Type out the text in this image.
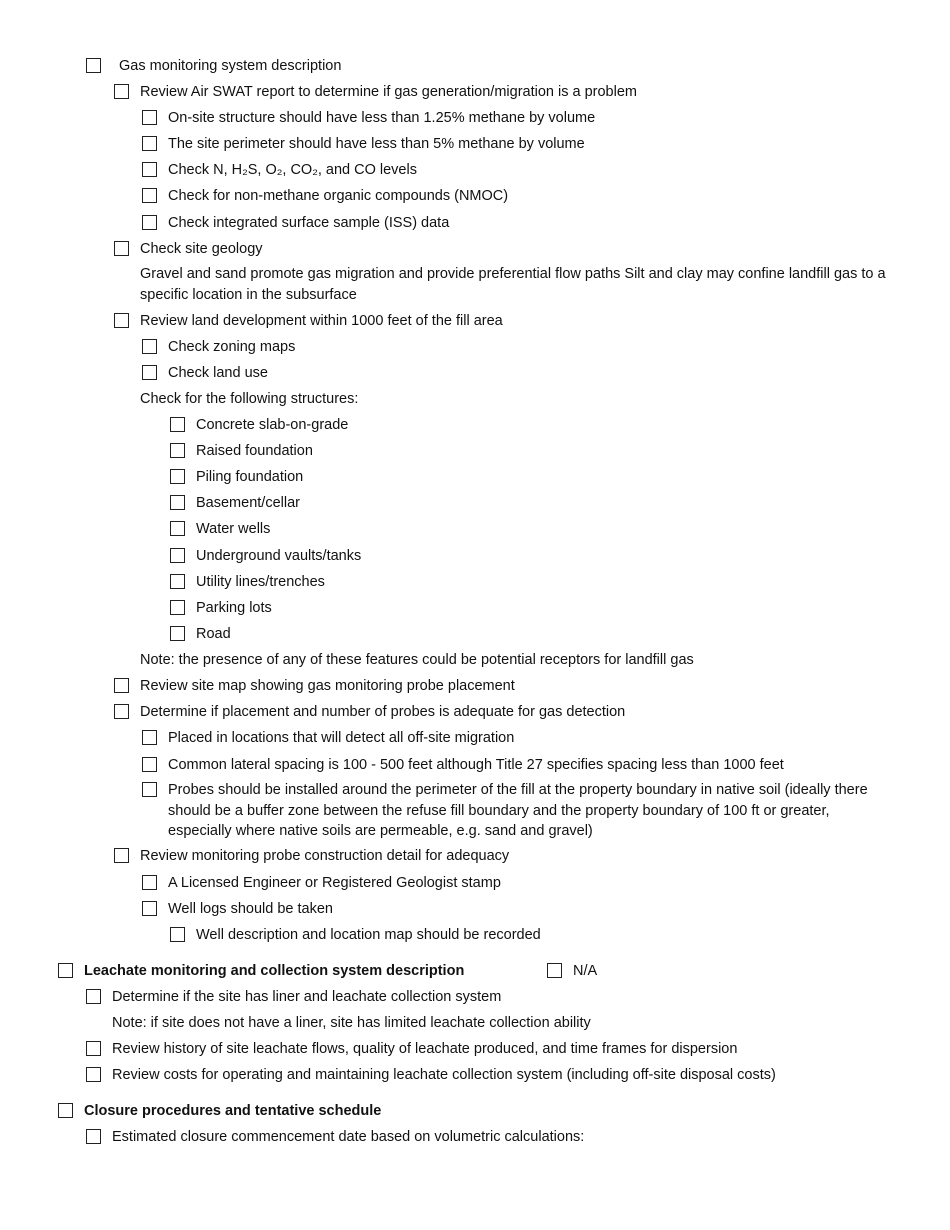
Gas monitoring system description
Review Air SWAT report to determine if gas generation/migration is a problem
On-site structure should have less than 1.25% methane by volume
The site perimeter should have less than 5% methane by volume
Check N, H₂S, O₂, CO₂, and CO levels
Check for non-methane organic compounds (NMOC)
Check integrated surface sample (ISS) data
Check site geology
Gravel and sand promote gas migration and provide preferential flow paths Silt and clay may confine landfill gas to a specific location in the subsurface
Review land development within 1000 feet of the fill area
Check zoning maps
Check land use
Check for the following structures:
Concrete slab-on-grade
Raised foundation
Piling foundation
Basement/cellar
Water wells
Underground vaults/tanks
Utility lines/trenches
Parking lots
Road
Note: the presence of any of these features could be potential receptors for landfill gas
Review site map showing gas monitoring probe placement
Determine if placement and number of probes is adequate for gas detection
Placed in locations that will detect all off-site migration
Common lateral spacing is 100 - 500 feet although Title 27 specifies spacing less than 1000 feet
Probes should be installed around the perimeter of the fill at the property boundary in native soil (ideally there should be a buffer zone between the refuse fill boundary and the property boundary of 100 ft or greater, especially where native soils are permeable, e.g. sand and gravel)
Review monitoring probe construction detail for adequacy
A Licensed Engineer or Registered Geologist stamp
Well logs should be taken
Well description and location map should be recorded
Leachate monitoring and collection system description	N/A
Determine if the site has liner and leachate collection system
Note: if site does not have a liner, site has limited leachate collection ability
Review history of site leachate flows, quality of leachate produced, and time frames for dispersion
Review costs for operating and maintaining leachate collection system (including off-site disposal costs)
Closure procedures and tentative schedule
Estimated closure commencement date based on volumetric calculations:
